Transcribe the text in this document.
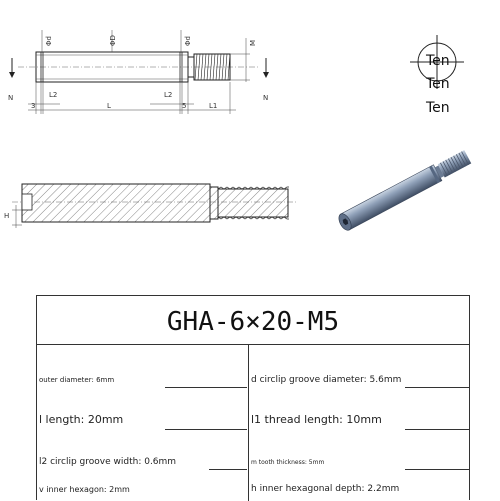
Φd	ΦD	Φd	M
N	N
3
L2
L
L2
5	L1
Ten
Ten
Ten
H
GHA-6×20-M5
outer diameter: 6mm	d circlip groove diameter: 5.6mm
l length: 20mm	l1 thread length: 10mm
l2 circlip groove width: 0.6mm	m tooth thickness: 5mm
v inner hexagon: 2mm	h inner hexagonal depth: 2.2mm
